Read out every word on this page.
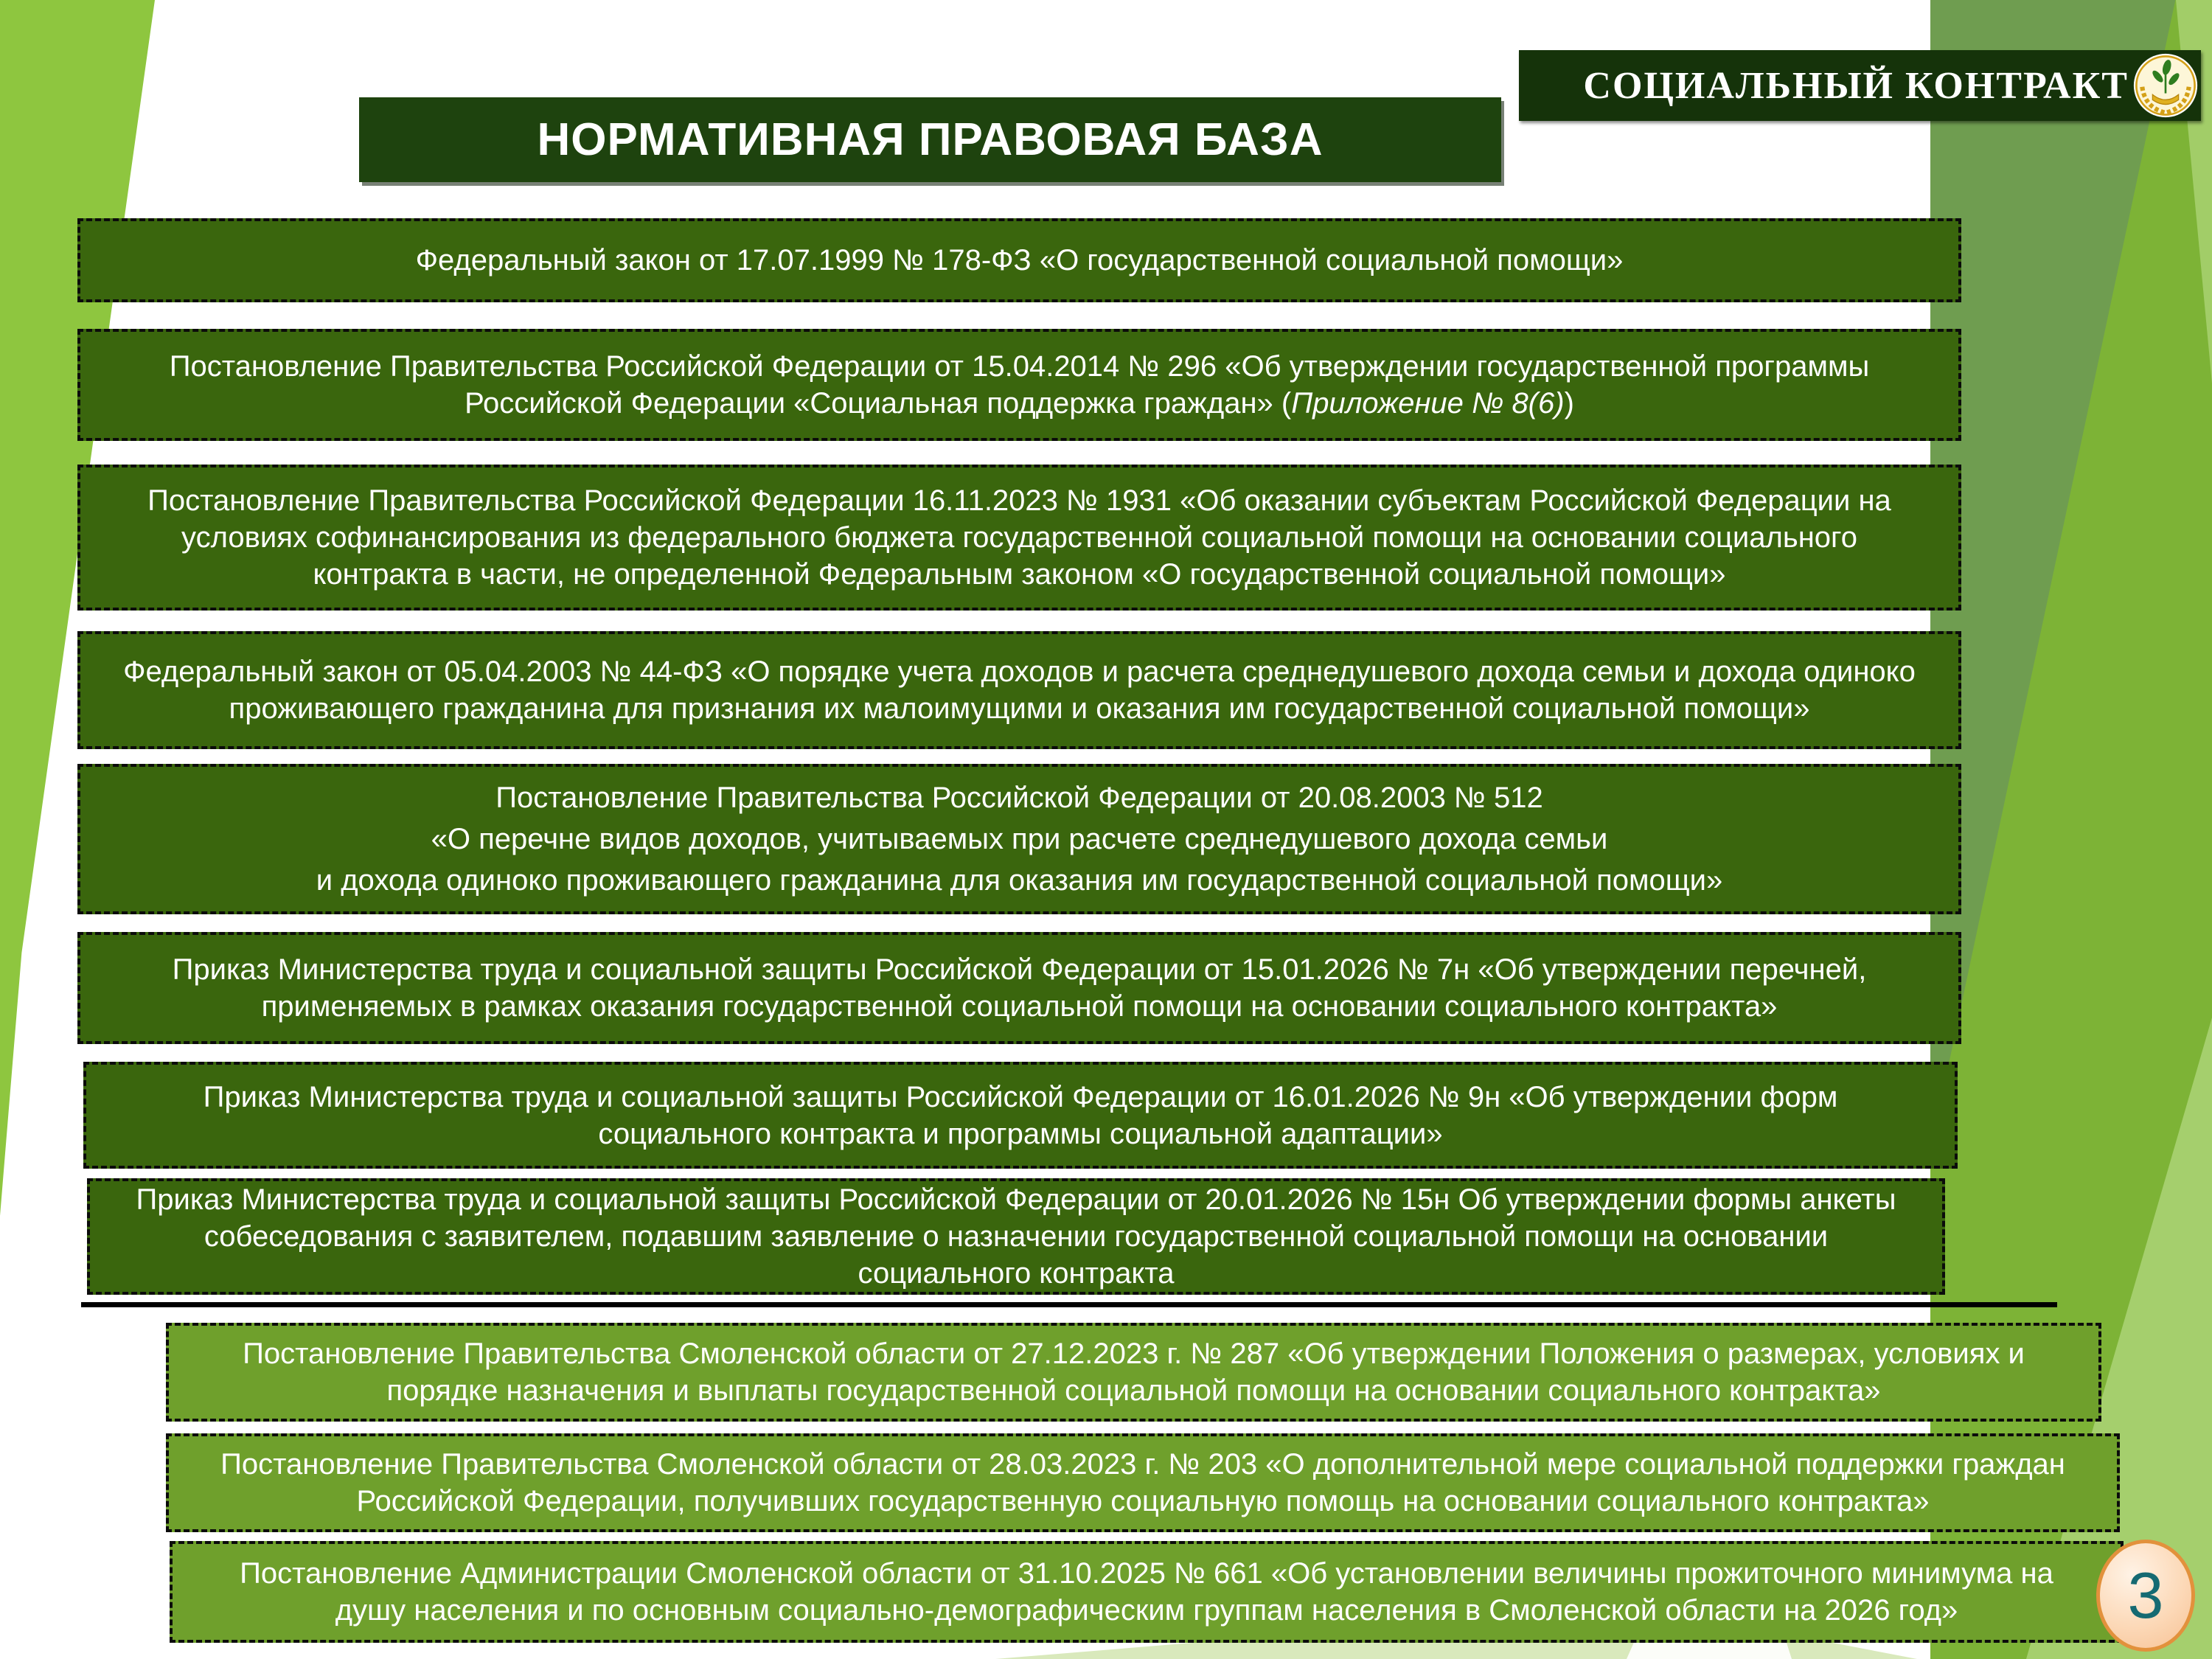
СОЦИАЛЬНЫЙ КОНТРАКТ
НОРМАТИВНАЯ ПРАВОВАЯ БАЗА
Федеральный закон от 17.07.1999 № 178-ФЗ «О государственной социальной помощи»
Постановление Правительства Российской Федерации от 15.04.2014 № 296 «Об утверждении государственной программы Российской Федерации «Социальная поддержка граждан» (Приложение № 8(6))
Постановление Правительства Российской Федерации 16.11.2023 № 1931 «Об оказании субъектам Российской Федерации на условиях софинансирования из федерального бюджета государственной социальной помощи на основании социального контракта в части, не определенной Федеральным законом «О государственной социальной помощи»
Федеральный закон от 05.04.2003 № 44-ФЗ «О порядке учета доходов и расчета среднедушевого дохода семьи и дохода одиноко проживающего гражданина для признания их малоимущими и оказания им государственной социальной помощи»
Постановление Правительства Российской Федерации от 20.08.2003 № 512
«О перечне видов доходов, учитываемых при расчете среднедушевого дохода семьи
и дохода одиноко проживающего гражданина для оказания им государственной социальной помощи»
Приказ Министерства труда и социальной защиты Российской Федерации от 15.01.2026 № 7н «Об утверждении перечней, применяемых в рамках оказания государственной социальной помощи на основании социального контракта»
Приказ Министерства труда и социальной защиты Российской Федерации от 16.01.2026 № 9н «Об утверждении форм социального контракта и программы социальной адаптации»
Приказ Министерства труда и социальной защиты Российской Федерации от 20.01.2026 № 15н Об утверждении формы анкеты собеседования с заявителем, подавшим заявление о назначении государственной социальной помощи на основании социального контракта
Постановление Правительства Смоленской области от 27.12.2023 г. № 287 «Об утверждении Положения о размерах, условиях и порядке назначения и выплаты государственной социальной помощи на основании социального контракта»
Постановление Правительства Смоленской области от 28.03.2023 г. № 203 «О дополнительной мере социальной поддержки граждан Российской Федерации, получивших государственную социальную помощь на основании социального контракта»
Постановление Администрации Смоленской области от 31.10.2025 № 661 «Об установлении величины прожиточного минимума на душу населения и по основным социально-демографическим группам населения в Смоленской области на 2026 год»	3
